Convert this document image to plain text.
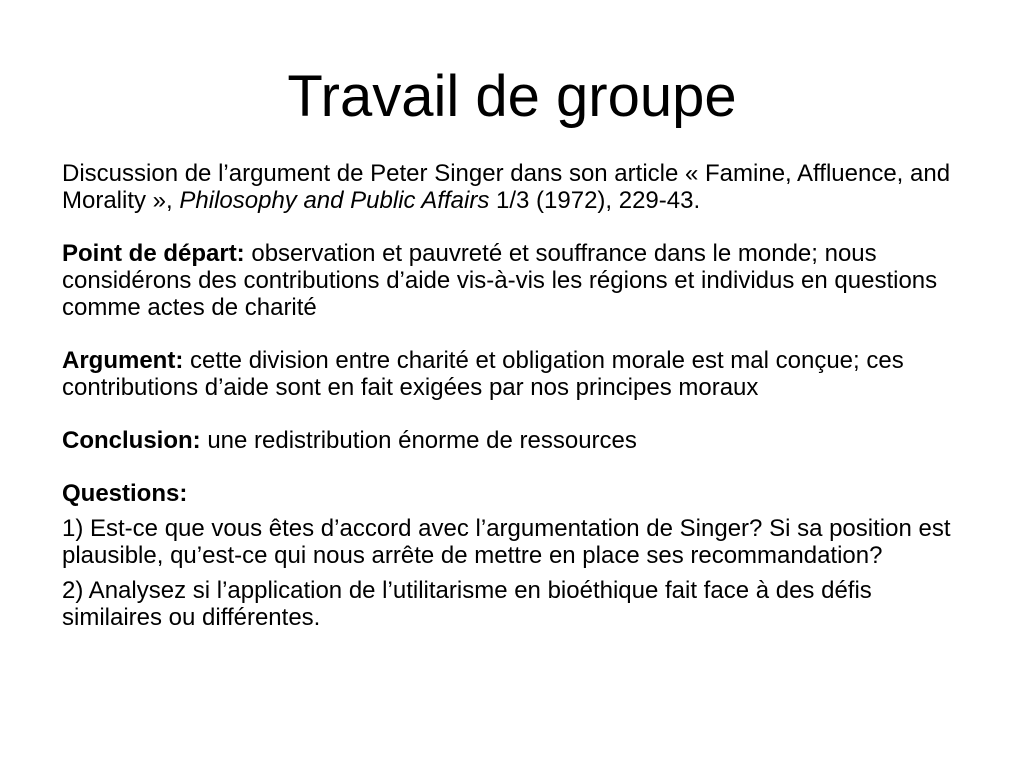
Travail de groupe

Discussion de l’argument de Peter Singer dans son article « Famine, Affluence, and Morality », Philosophy and Public Affairs 1/3 (1972), 229-43.

Point de départ: observation et pauvreté et souffrance dans le monde; nous considérons des contributions d’aide vis-à-vis les régions et individus en questions comme actes de charité

Argument: cette division entre charité et obligation morale est mal conçue; ces contributions d’aide sont en fait exigées par nos principes moraux

Conclusion: une redistribution énorme de ressources

Questions:

1) Est-ce que vous êtes d’accord avec l’argumentation de Singer? Si sa position est plausible, qu’est-ce qui nous arrête de mettre en place ses recommandation?

2) Analysez si l’application de l’utilitarisme en bioéthique fait face à des défis similaires ou différentes.
